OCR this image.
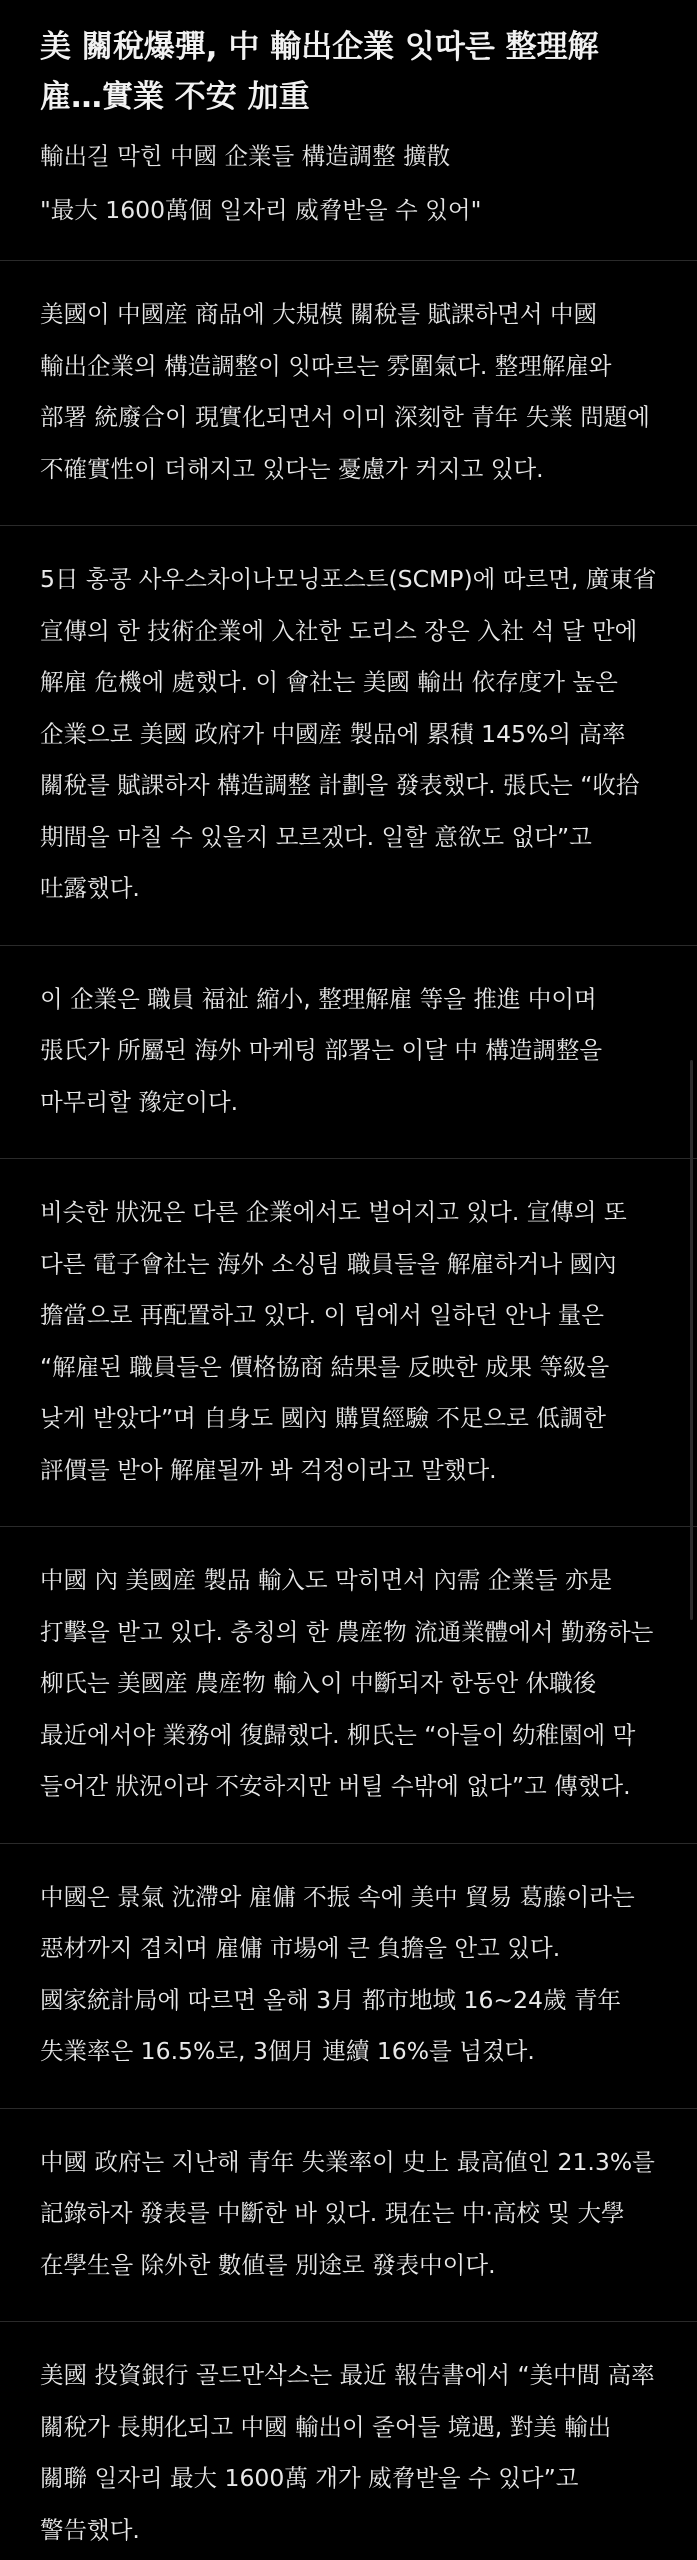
美 關稅爆彈, 中 輸出企業 잇따른 整理解雇…實業 不安 加重

輸出길 막힌 中國 企業들 構造調整 擴散

"最大 1600萬個 일자리 威脅받을 수 있어"

美國이 中國産 商品에 大規模 關稅를 賦課하면서 中國 輸出企業의 構造調整이 잇따르는 雰圍氣다. 整理解雇와 部署 統廢合이 現實化되면서 이미 深刻한 青年 失業 問題에 不確實性이 더해지고 있다는 憂慮가 커지고 있다.

5日 홍콩 사우스차이나모닝포스트(SCMP)에 따르면, 廣東省 宣傳의 한 技術企業에 入社한 도리스 장은 入社 석 달 만에 解雇 危機에 處했다. 이 會社는 美國 輸出 依存度가 높은 企業으로 美國 政府가 中國産 製品에 累積 145%의 高率 關稅를 賦課하자 構造調整 計劃을 發表했다. 張氏는 “收拾 期間을 마칠 수 있을지 모르겠다. 일할 意欲도 없다”고 吐露했다.

이 企業은 職員 福祉 縮小, 整理解雇 等을 推進 中이며 張氏가 所屬된 海外 마케팅 部署는 이달 中 構造調整을 마무리할 豫定이다.

비슷한 狀況은 다른 企業에서도 벌어지고 있다. 宣傳의 또 다른 電子會社는 海外 소싱팀 職員들을 解雇하거나 國內 擔當으로 再配置하고 있다. 이 팀에서 일하던 안나 量은 “解雇된 職員들은 價格協商 結果를 反映한 成果 等級을 낮게 받았다”며 自身도 國內 購買經驗 不足으로 低調한 評價를 받아 解雇될까 봐 걱정이라고 말했다.

中國 內 美國産 製品 輸入도 막히면서 內需 企業들 亦是 打擊을 받고 있다. 충칭의 한 農産物 流通業體에서 勤務하는 柳氏는 美國産 農産物 輸入이 中斷되자 한동안 休職後 最近에서야 業務에 復歸했다. 柳氏는 “아들이 幼稚園에 막 들어간 狀況이라 不安하지만 버틸 수밖에 없다”고 傳했다.

中國은 景氣 沈滯와 雇傭 不振 속에 美中 貿易 葛藤이라는 惡材까지 겹치며 雇傭 市場에 큰 負擔을 안고 있다. 國家統計局에 따르면 올해 3月 都市地域 16~24歲 青年 失業率은 16.5%로, 3個月 連續 16%를 넘겼다.

中國 政府는 지난해 青年 失業率이 史上 最高値인 21.3%를 記錄하자 發表를 中斷한 바 있다. 現在는 中·高校 및 大學 在學生을 除外한 數値를 別途로 發表中이다.

美國 投資銀行 골드만삭스는 最近 報告書에서 “美中間 高率 關稅가 長期化되고 中國 輸出이 줄어들 境遇, 對美 輸出 關聯 일자리 最大 1600萬 개가 威脅받을 수 있다”고 警告했다.
